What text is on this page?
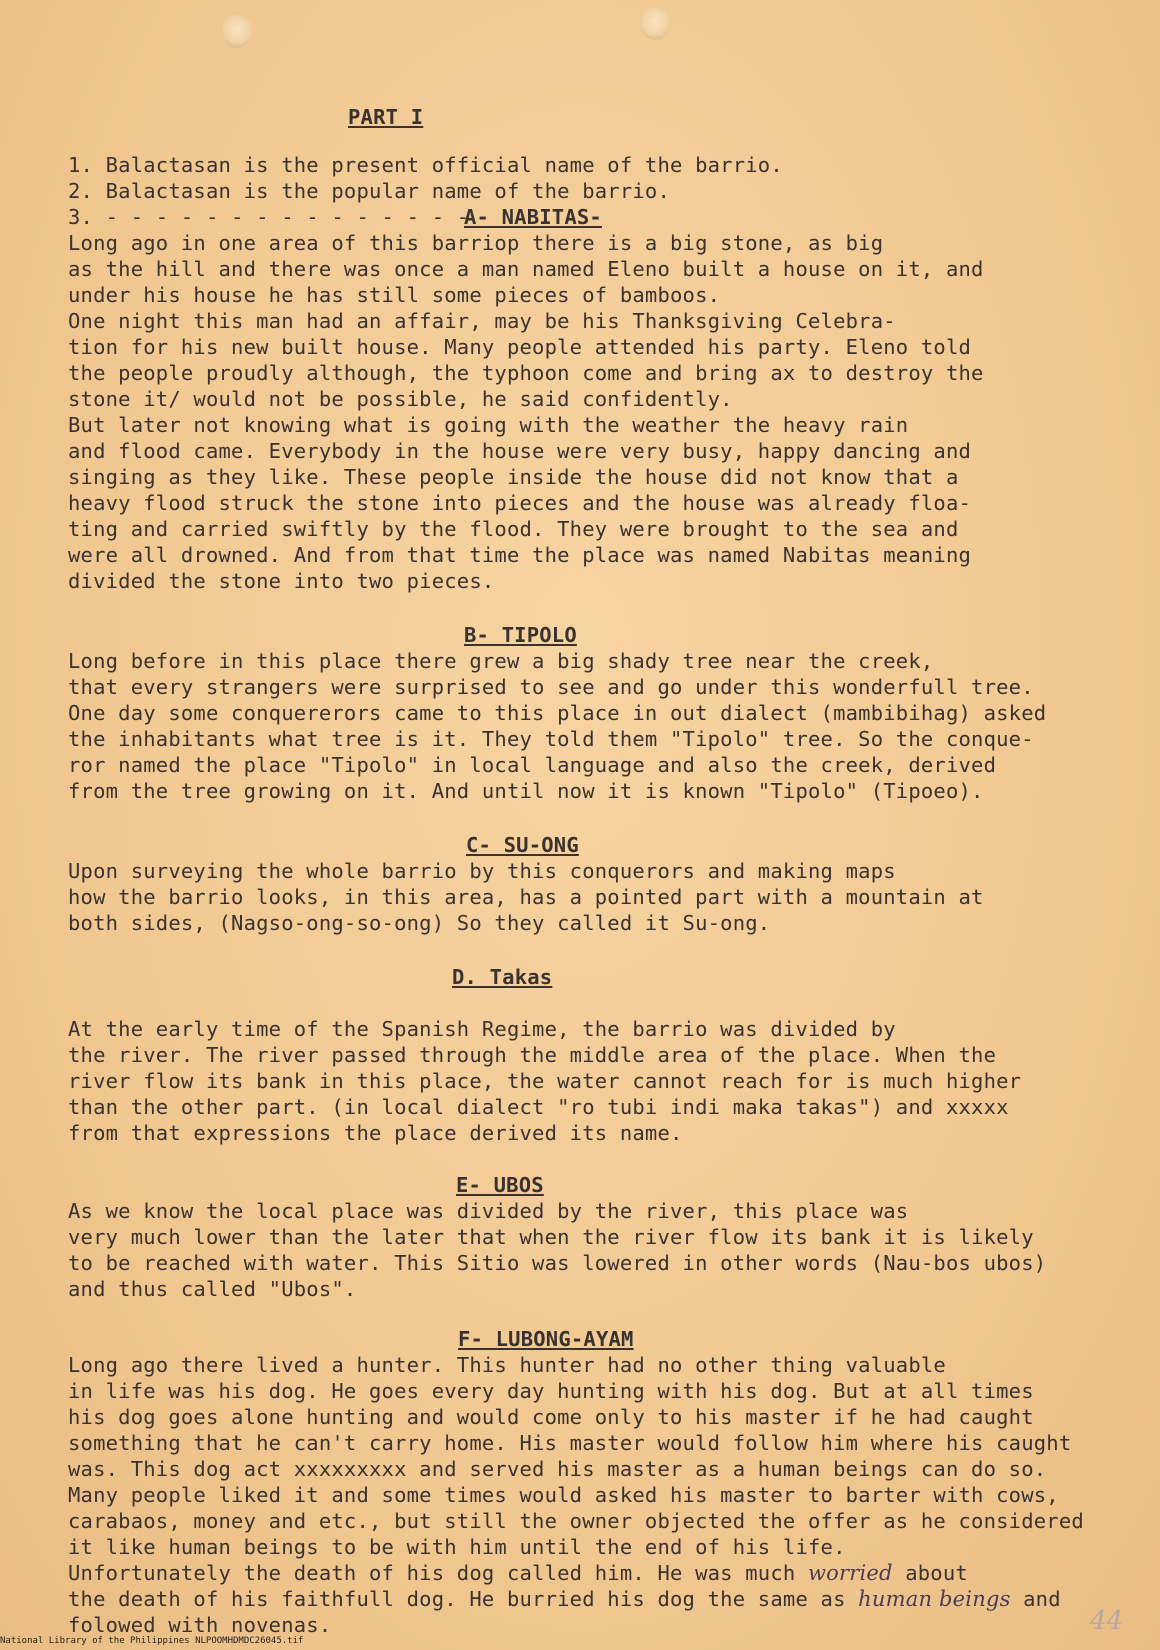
PART I
1. Balactasan is the present official name of the barrio.
2. Balactasan is the popular name of the barrio.
3. - - - - - - - - - - - - - - -
A- NABITAS-
Long ago in one area of this barriop there is a big stone, as big
as the hill and there was once a man named Eleno built a house on it, and
under his house he has still some pieces of bamboos.
One night this man had an affair, may be his Thanksgiving Celebra-
tion for his new built house. Many people attended his party. Eleno told
the people proudly although, the typhoon come and bring ax to destroy the
stone it/ would not be possible, he said confidently.
But later not knowing what is going with the weather the heavy rain
and flood came. Everybody in the house were very busy, happy dancing and
singing as they like. These people inside the house did not know that a
heavy flood struck the stone into pieces and the house was already floa-
ting and carried swiftly by the flood. They were brought to the sea and
were all drowned. And from that time the place was named Nabitas meaning
divided the stone into two pieces.
B- TIPOLO
Long before in this place there grew a big shady tree near the creek,
that every strangers were surprised to see and go under this wonderfull tree.
One day some conquererors came to this place in out dialect (mambibihag) asked
the inhabitants what tree is it. They told them "Tipolo" tree. So the conque-
ror named the place "Tipolo" in local language and also the creek, derived
from the tree growing on it. And until now it is known "Tipolo" (Tipoeo).
C- SU-ONG
Upon surveying the whole barrio by this conquerors and making maps
how the barrio looks, in this area, has a pointed part with a mountain at
both sides, (Nagso-ong-so-ong) So they called it Su-ong.
D. Takas
At the early time of the Spanish Regime, the barrio was divided by
the river. The river passed through the middle area of the place. When the
river flow its bank in this place, the water cannot reach for is much higher
than the other part. (in local dialect "ro tubi indi maka takas") and xxxxx
from that expressions the place derived its name.
E- UBOS
As we know the local place was divided by the river, this place was
very much lower than the later that when the river flow its bank it is likely
to be reached with water. This Sitio was lowered in other words (Nau-bos ubos)
and thus called "Ubos".
F- LUBONG-AYAM
Long ago there lived a hunter. This hunter had no other thing valuable
in life was his dog. He goes every day hunting with his dog. But at all times
his dog goes alone hunting and would come only to his master if he had caught
something that he can't carry home. His master would follow him where his caught
was. This dog act xxxxxxxxx and served his master as a human beings can do so.
Many people liked it and some times would asked his master to barter with cows,
carabaos, money and etc., but still the owner objected the offer as he considered
it like human beings to be with him until the end of his life.
Unfortunately the death of his dog called him. He was much worried about
the death of his faithfull dog. He burried his dog the same as human beings and
folowed with novenas.	44
National Library of the Philippines NLPOOMHDMDC26045.tif
